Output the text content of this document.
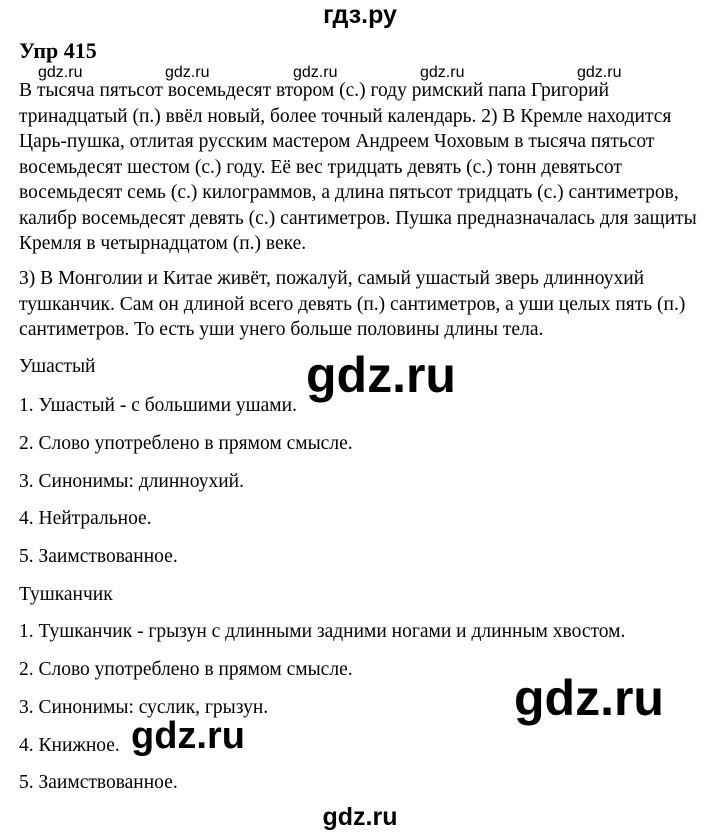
гдз.ру
Упр 415

В тысяча пятьсот восемьдесят втором (с.) году римский папа Григорий тринадцатый (п.) ввёл новый, более точный календарь. 2) В Кремле находится Царь-пушка, отлитая русским мастером Андреем Чоховым в тысяча пятьсот восемьдесят шестом (с.) году. Её вес тридцать девять (с.) тонн девятьсот восемьдесят семь (с.) килограммов, а длина пятьсот тридцать (с.) сантиметров, калибр восемьдесят девять (с.) сантиметров. Пушка предназначалась для защиты Кремля в четырнадцатом (п.) веке.

3) В Монголии и Китае живёт, пожалуй, самый ушастый зверь длинноухий тушканчик. Сам он длиной всего девять (п.) сантиметров, а уши целых пять (п.) сантиметров. То есть уши унего больше половины длины тела.

Ушастый
1. Ушастый - с большими ушами.
2. Слово употреблено в прямом смысле.
3. Синонимы: длинноухий.
4. Нейтральное.
5. Заимствованное.
Тушканчик
1. Тушканчик - грызун с длинными задними ногами и длинным хвостом.
2. Слово употреблено в прямом смысле.
3. Синонимы: суслик, грызун.
4. Книжное.
5. Заимствованное.
gdz.ru	gdz.ru	gdz.ru	gdz.ru	gdz.ru
gdz.ru
gdz.ru
gdz.ru
gdz.ru
